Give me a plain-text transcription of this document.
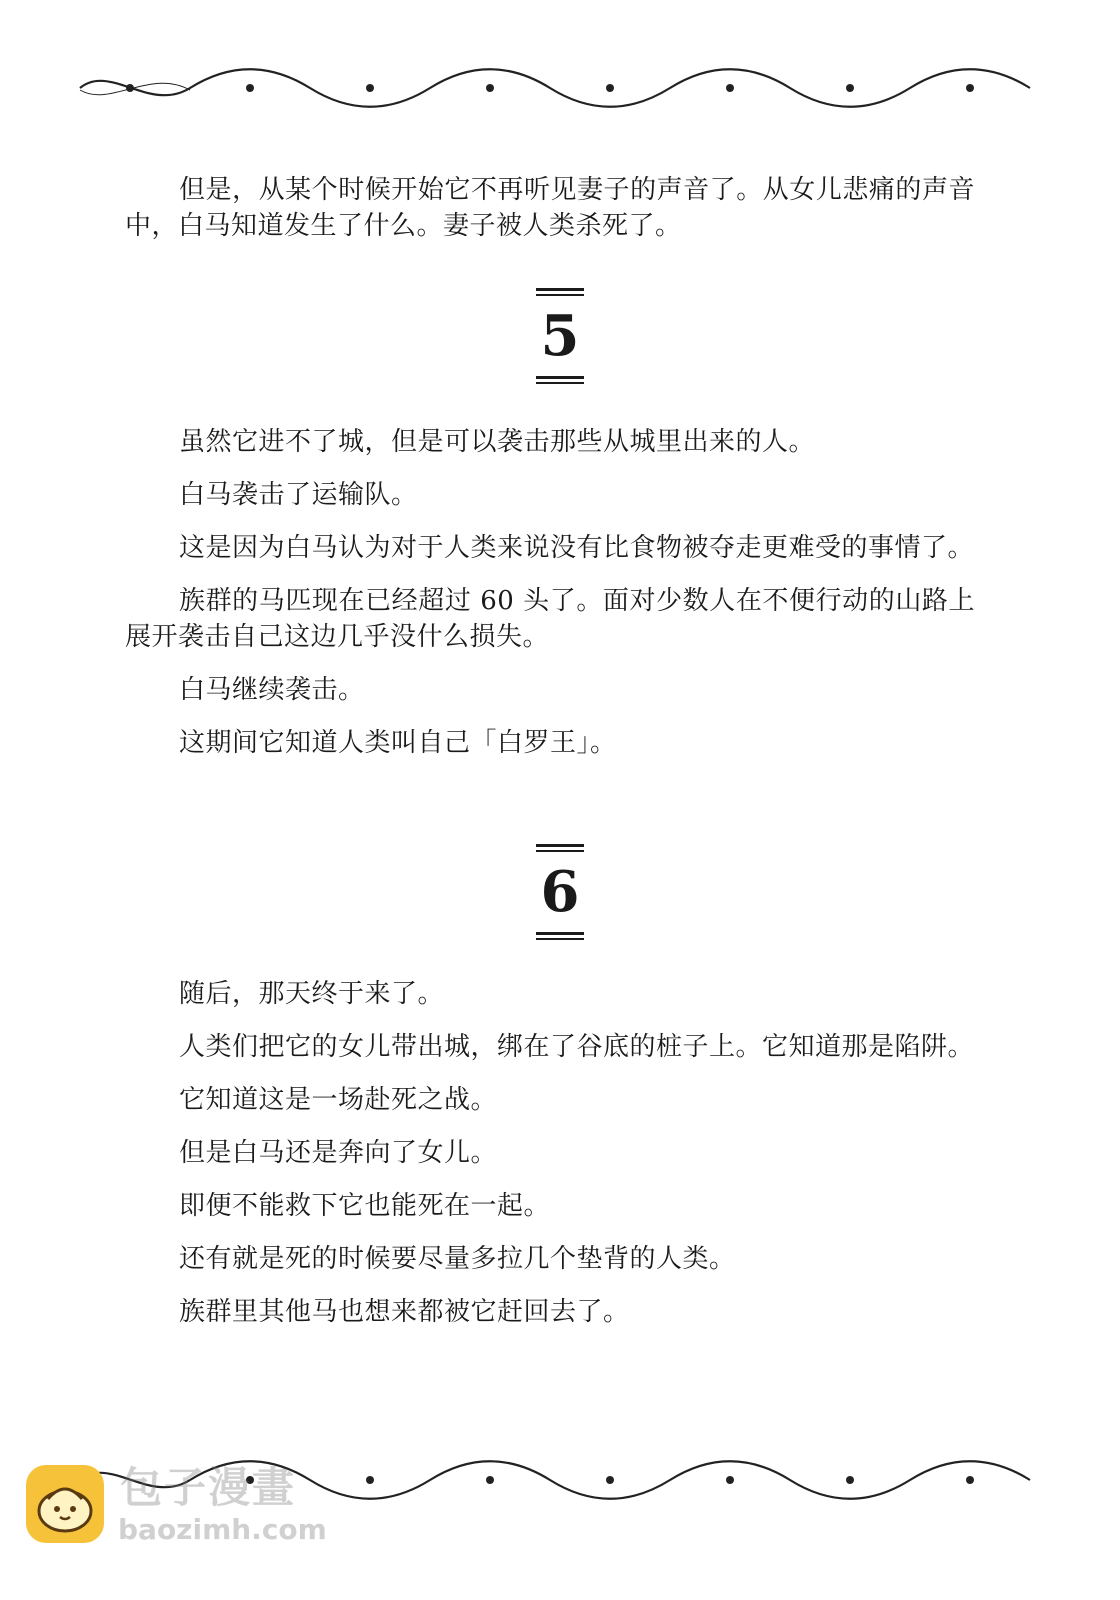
但是，从某个时候开始它不再听见妻子的声音了。从女儿悲痛的声音中，白马知道发生了什么。妻子被人类杀死了。

5

虽然它进不了城，但是可以袭击那些从城里出来的人。

白马袭击了运输队。

这是因为白马认为对于人类来说没有比食物被夺走更难受的事情了。

族群的马匹现在已经超过 60 头了。面对少数人在不便行动的山路上展开袭击自己这边几乎没什么损失。

白马继续袭击。

这期间它知道人类叫自己「白罗王」。

6

随后，那天终于来了。

人类们把它的女儿带出城，绑在了谷底的桩子上。它知道那是陷阱。

它知道这是一场赴死之战。

但是白马还是奔向了女儿。

即便不能救下它也能死在一起。

还有就是死的时候要尽量多拉几个垫背的人类。

族群里其他马也想来都被它赶回去了。

包子漫畫
baozimh.com
